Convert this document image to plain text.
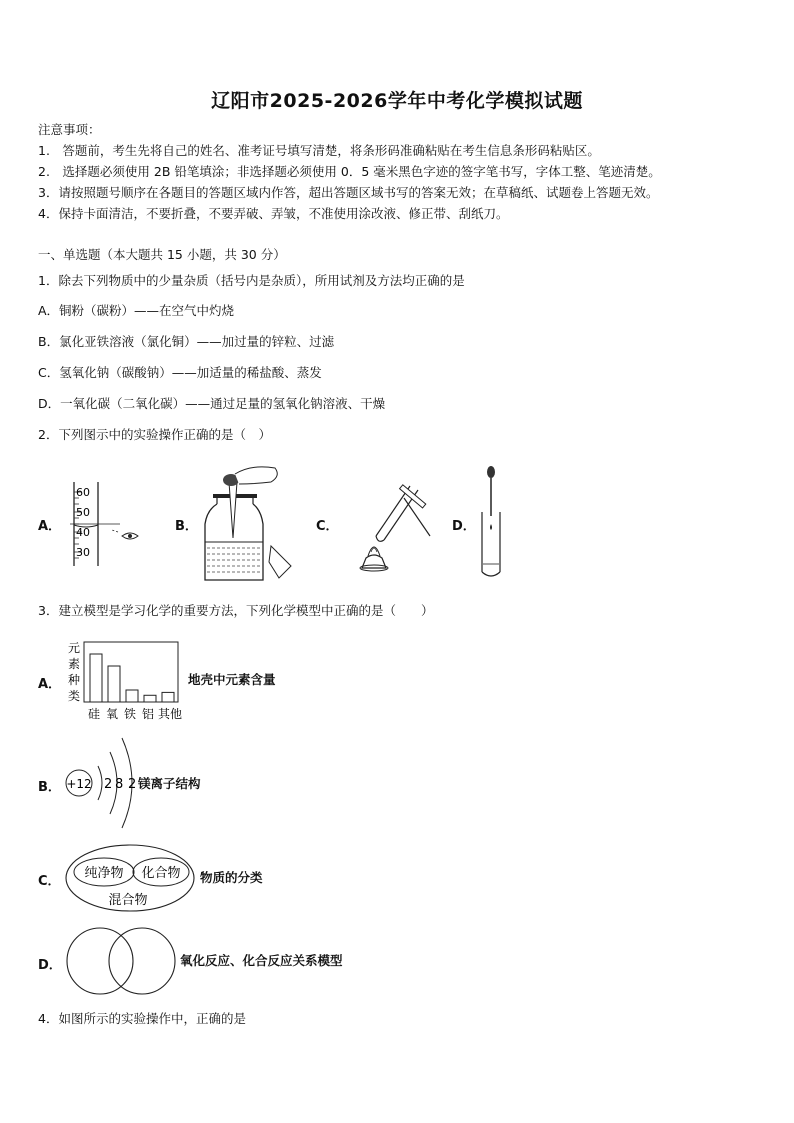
辽阳市2025-2026学年中考化学模拟试题
注意事项：
1.　答题前，考生先将自己的姓名、准考证号填写清楚，将条形码准确粘贴在考生信息条形码粘贴区。
2.　选择题必须使用 2B 铅笔填涂；非选择题必须使用 0．5 毫米黑色字迹的签字笔书写，字体工整、笔迹清楚。
3．请按照题号顺序在各题目的答题区域内作答，超出答题区域书写的答案无效；在草稿纸、试题卷上答题无效。
4．保持卡面清洁，不要折叠，不要弄破、弄皱，不准使用涂改液、修正带、刮纸刀。
一、单选题（本大题共 15 小题，共 30 分）
1．除去下列物质中的少量杂质（括号内是杂质），所用试剂及方法均正确的是
A．铜粉（碳粉）——在空气中灼烧
B．氯化亚铁溶液（氯化铜）——加过量的锌粒、过滤
C．氢氧化钠（碳酸钠）——加适量的稀盐酸、蒸发
D．一氧化碳（二氧化碳）——通过足量的氢氧化钠溶液、干燥
2．下列图示中的实验操作正确的是（　）
A．
60
50
40
30
B．	C．	D．
3．建立模型是学习化学的重要方法，下列化学模型中正确的是（　　）
A．
元
素
种
类
硅 氧 铁 铝 其他
地壳中元素含量
B． +12 2 8 2 镁离子结构
C．
纯净物 化合物
混合物
物质的分类
D．	氧化反应、化合反应关系模型
4．如图所示的实验操作中，正确的是
